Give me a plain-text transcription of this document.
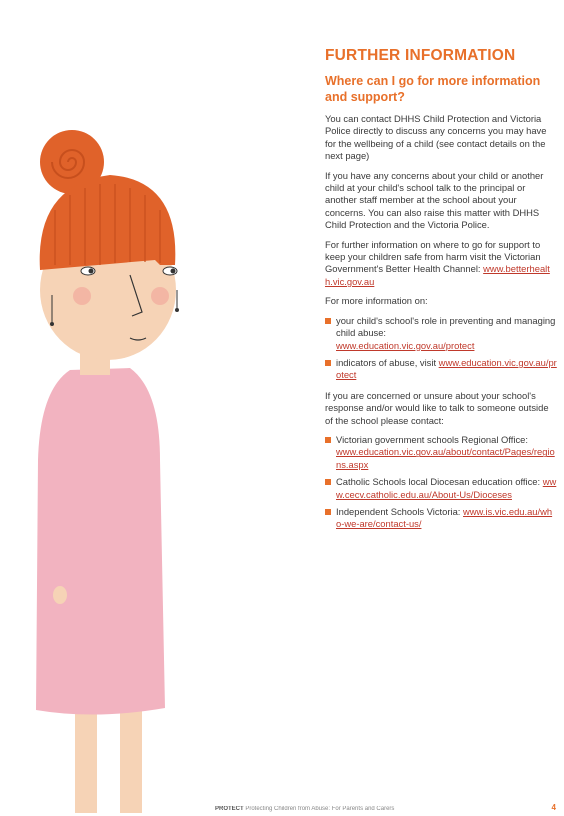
FURTHER INFORMATION
Where can I go for more information and support?

You can contact DHHS Child Protection and Victoria Police directly to discuss any concerns you may have for the wellbeing of a child (see contact details on the next page)

If you have any concerns about your child or another child at your child's school talk to the principal or another staff member at the school about your concerns. You can also raise this matter with DHHS Child Protection and the Victoria Police.

For further information on where to go for support to keep your children safe from harm visit the Victorian Government's Better Health Channel: www.betterhealth.vic.gov.au

For more information on:

your child's school's role in preventing and managing child abuse:
www.education.vic.gov.au/protect
indicators of abuse, visit www.education.vic.gov.au/protect

If you are concerned or unsure about your school's response and/or would like to talk to someone outside of the school please contact:

Victorian government schools Regional Office:
www.education.vic.gov.au/about/contact/Pages/regions.aspx
Catholic Schools local Diocesan education office: www.cecv.catholic.edu.au/About-Us/Dioceses
Independent Schools Victoria: www.is.vic.edu.au/who-we-are/contact-us/
PROTECT Protecting Children from Abuse: For Parents and Carers	4
